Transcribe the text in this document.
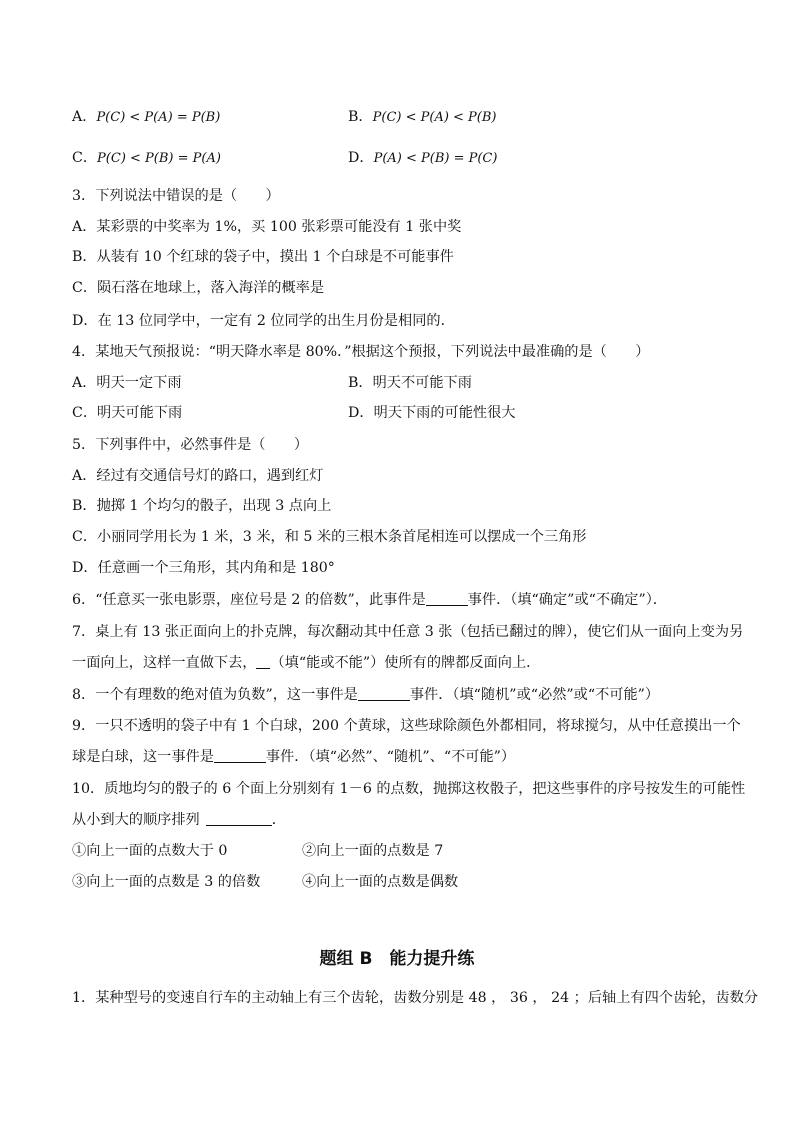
A．P(C) < P(A) = P(B)	B．P(C) < P(A) < P(B)
C．P(C) < P(B) = P(A)	D．P(A) < P(B) = P(C)
3．下列说法中错误的是（　　）
A．某彩票的中奖率为 1%，买 100 张彩票可能没有 1 张中奖
B．从装有 10 个红球的袋子中，摸出 1 个白球是不可能事件
C．陨石落在地球上，落入海洋的概率是
D．在 13 位同学中，一定有 2 位同学的出生月份是相同的．
4．某地天气预报说：“明天降水率是 80%．”根据这个预报，下列说法中最准确的是（　　）
A．明天一定下雨	B．明天不可能下雨
C．明天可能下雨	D．明天下雨的可能性很大
5．下列事件中，必然事件是（　　）
A．经过有交通信号灯的路口，遇到红灯
B．抛掷 1 个均匀的骰子，出现 3 点向上
C．小丽同学用长为 1 米，3 米，和 5 米的三根木条首尾相连可以摆成一个三角形
D．任意画一个三角形，其内角和是 180°
6．“任意买一张电影票，座位号是 2 的倍数”，此事件是	事件．（填“确定”或“不确定”）．
7．桌上有 13 张正面向上的扑克牌，每次翻动其中任意 3 张（包括已翻过的牌），使它们从一面向上变为另
一面向上，这样一直做下去， （填“能或不能”）使所有的牌都反面向上．
8．一个有理数的绝对值为负数”，这一事件是	事件．（填“随机”或“必然”或“不可能”）
9．一只不透明的袋子中有 1 个白球，200 个黄球，这些球除颜色外都相同，将球搅匀，从中任意摸出一个
球是白球，这一事件是	事件．（填“必然”、“随机”、“不可能”）
10．质地均匀的骰子的 6 个面上分别刻有 1－6 的点数，抛掷这枚骰子，把这些事件的序号按发生的可能性
从小到大的顺序排列	．
①向上一面的点数大于 0	②向上一面的点数是 7
③向上一面的点数是 3 的倍数	④向上一面的点数是偶数
题组 B　能力提升练
1．某种型号的变速自行车的主动轴上有三个齿轮，齿数分别是 48 ， 36 ， 24 ；后轴上有四个齿轮，齿数分
